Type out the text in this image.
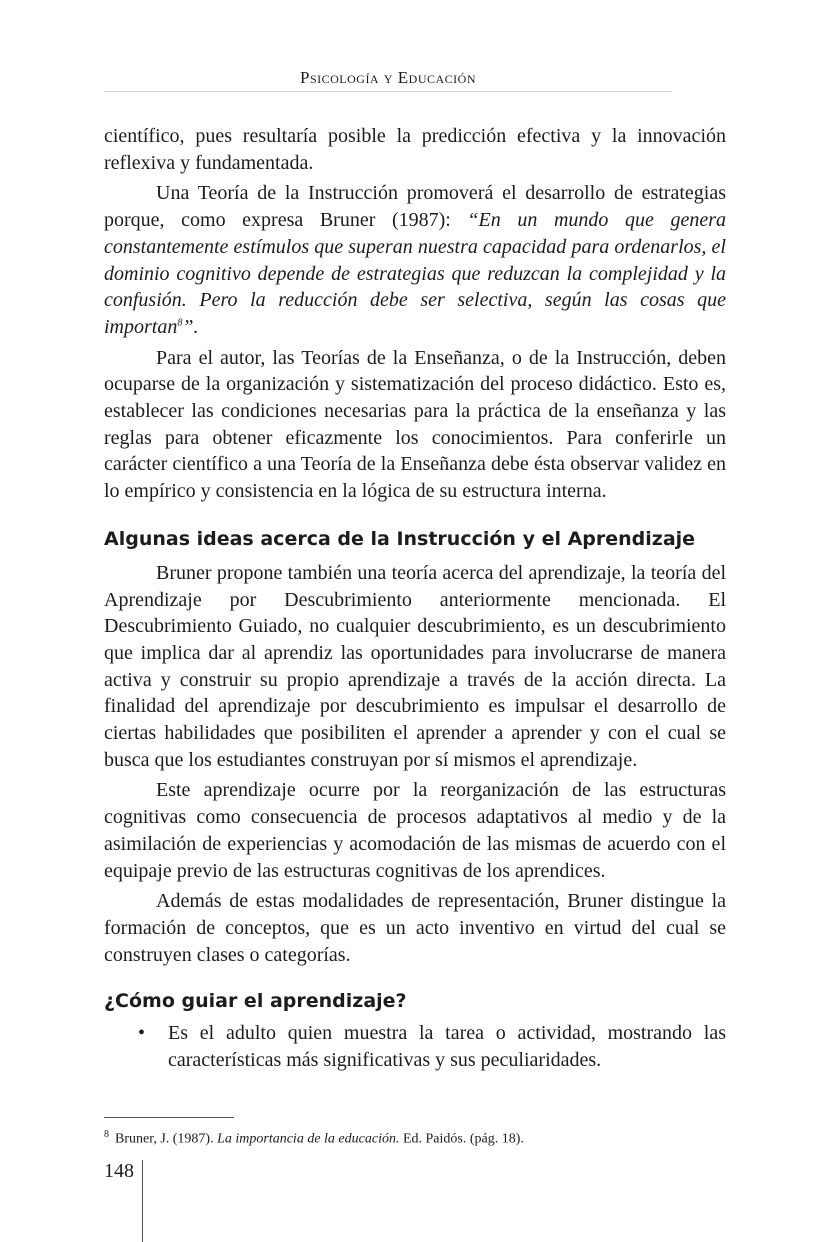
Psicología y Educación

científico, pues resultaría posible la predicción efectiva y la innovación reflexiva y fundamentada.

Una Teoría de la Instrucción promoverá el desarrollo de estrategias porque, como expresa Bruner (1987): “En un mundo que genera constantemente estímulos que superan nuestra capacidad para ordenarlos, el dominio cognitivo depende de estrategias que reduzcan la complejidad y la confusión. Pero la reducción debe ser selectiva, según las cosas que importan$^8$”.

Para el autor, las Teorías de la Enseñanza, o de la Instrucción, deben ocuparse de la organización y sistematización del proceso didáctico. Esto es, establecer las condiciones necesarias para la práctica de la enseñanza y las reglas para obtener eficazmente los conocimientos. Para conferirle un carácter científico a una Teoría de la Enseñanza debe ésta observar validez en lo empírico y consistencia en la lógica de su estructura interna.

Algunas ideas acerca de la Instrucción y el Aprendizaje

Bruner propone también una teoría acerca del aprendizaje, la teoría del Aprendizaje por Descubrimiento anteriormente mencionada. El Descubrimiento Guiado, no cualquier descubrimiento, es un descubrimiento que implica dar al aprendiz las oportunidades para involucrarse de manera activa y construir su propio aprendizaje a través de la acción directa. La finalidad del aprendizaje por descubrimiento es impulsar el desarrollo de ciertas habilidades que posibiliten el aprender a aprender y con el cual se busca que los estudiantes construyan por sí mismos el aprendizaje.

Este aprendizaje ocurre por la reorganización de las estructuras cognitivas como consecuencia de procesos adaptativos al medio y de la asimilación de experiencias y acomodación de las mismas de acuerdo con el equipaje previo de las estructuras cognitivas de los aprendices.

Además de estas modalidades de representación, Bruner distingue la formación de conceptos, que es un acto inventivo en virtud del cual se construyen clases o categorías.

¿Cómo guiar el aprendizaje?
•	Es el adulto quien muestra la tarea o actividad, mostrando las características más significativas y sus peculiaridades.
$^8$ Bruner, J. (1987). La importancia de la educación. Ed. Paidós. (pág. 18).
148
